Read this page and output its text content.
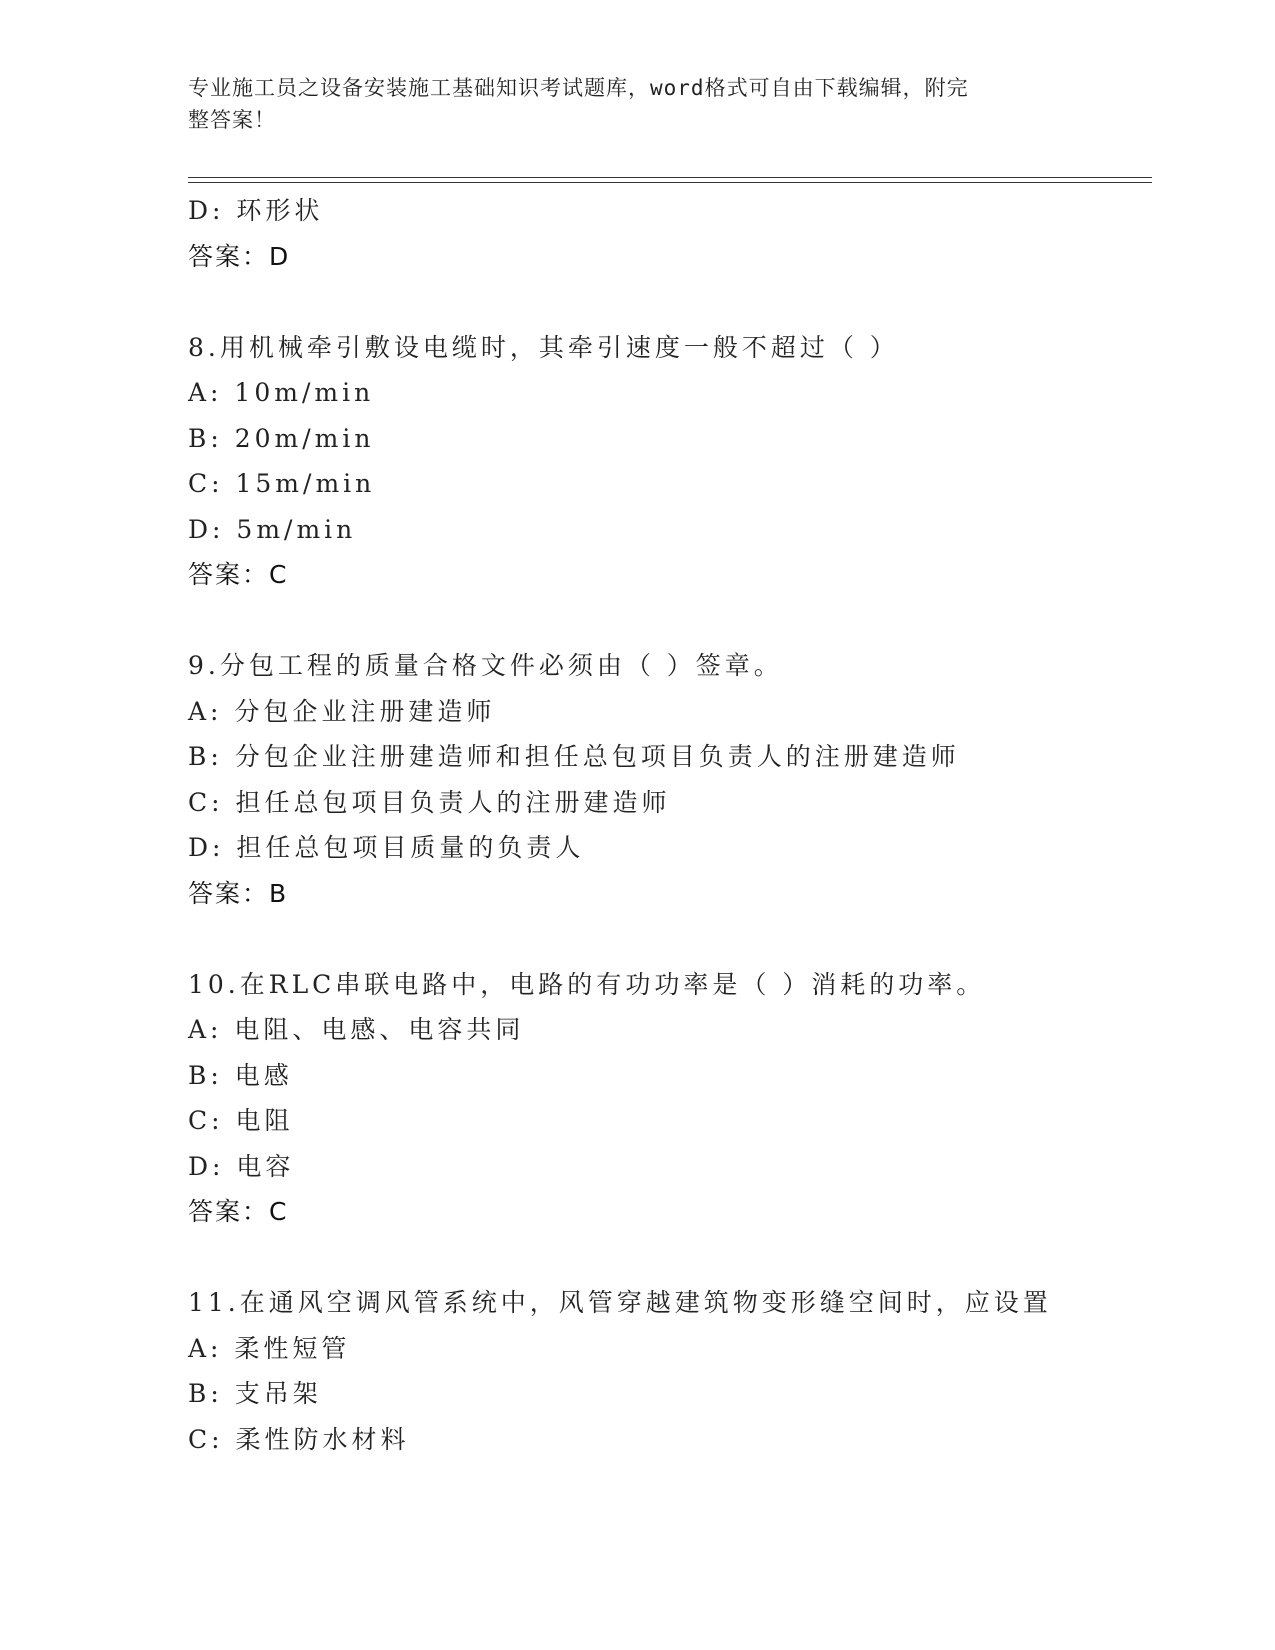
专业施工员之设备安装施工基础知识考试题库，word格式可自由下载编辑，附完
整答案！
D: 环形状
答案：D
8.用机械牵引敷设电缆时，其牵引速度一般不超过（ ）
A: 10m/min
B: 20m/min
C: 15m/min
D: 5m/min
答案：C
9.分包工程的质量合格文件必须由（ ）签章。
A: 分包企业注册建造师
B: 分包企业注册建造师和担任总包项目负责人的注册建造师
C: 担任总包项目负责人的注册建造师
D: 担任总包项目质量的负责人
答案：B
10.在RLC串联电路中，电路的有功功率是（ ）消耗的功率。
A: 电阻、电感、电容共同
B: 电感
C: 电阻
D: 电容
答案：C
11.在通风空调风管系统中，风管穿越建筑物变形缝空间时，应设置
A: 柔性短管
B: 支吊架
C: 柔性防水材料
